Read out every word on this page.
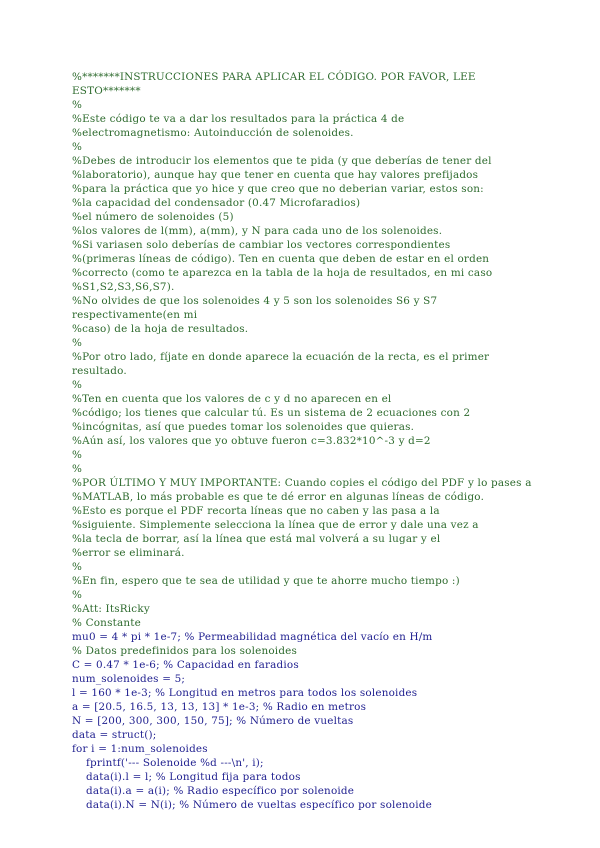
%*******INSTRUCCIONES PARA APLICAR EL CÓDIGO. POR FAVOR, LEE ESTO*******
%
%Este código te va a dar los resultados para la práctica 4 de
%electromagnetismo: Autoinducción de solenoides.
%
%Debes de introducir los elementos que te pida (y que deberías de tener del
%laboratorio), aunque hay que tener en cuenta que hay valores prefijados
%para la práctica que yo hice y que creo que no deberian variar, estos son:
%la capacidad del condensador (0.47 Microfaradios)
%el número de solenoides (5)
%los valores de l(mm), a(mm), y N para cada uno de los solenoides.
%Si variasen solo deberías de cambiar los vectores correspondientes
%(primeras líneas de código). Ten en cuenta que deben de estar en el orden
%correcto (como te aparezca en la tabla de la hoja de resultados, en mi caso
%S1,S2,S3,S6,S7).
%No olvides de que los solenoides 4 y 5 son los solenoides S6 y S7 respectivamente(en mi
%caso) de la hoja de resultados.
%
%Por otro lado, fíjate en donde aparece la ecuación de la recta, es el primer resultado.
%
%Ten en cuenta que los valores de c y d no aparecen en el
%código; los tienes que calcular tú. Es un sistema de 2 ecuaciones con 2
%incógnitas, así que puedes tomar los solenoides que quieras.
%Aún así, los valores que yo obtuve fueron c=3.832*10^-3 y d=2
%
%
%POR ÚLTIMO Y MUY IMPORTANTE: Cuando copies el código del PDF y lo pases a
%MATLAB, lo más probable es que te dé error en algunas líneas de código.
%Esto es porque el PDF recorta líneas que no caben y las pasa a la
%siguiente. Simplemente selecciona la línea que de error y dale una vez a
%la tecla de borrar, así la línea que está mal volverá a su lugar y el
%error se eliminará.
%
%En fin, espero que te sea de utilidad y que te ahorre mucho tiempo :)
%
%Att: ItsRicky
% Constante
mu0 = 4 * pi * 1e-7; % Permeabilidad magnética del vacío en H/m
% Datos predefinidos para los solenoides
C = 0.47 * 1e-6; % Capacidad en faradios
num_solenoides = 5;
l = 160 * 1e-3; % Longitud en metros para todos los solenoides
a = [20.5, 16.5, 13, 13, 13] * 1e-3; % Radio en metros
N = [200, 300, 300, 150, 75]; % Número de vueltas
data = struct();
for i = 1:num_solenoides
fprintf('--- Solenoide %d ---\n', i);
data(i).l = l; % Longitud fija para todos
data(i).a = a(i); % Radio específico por solenoide
data(i).N = N(i); % Número de vueltas específico por solenoide
